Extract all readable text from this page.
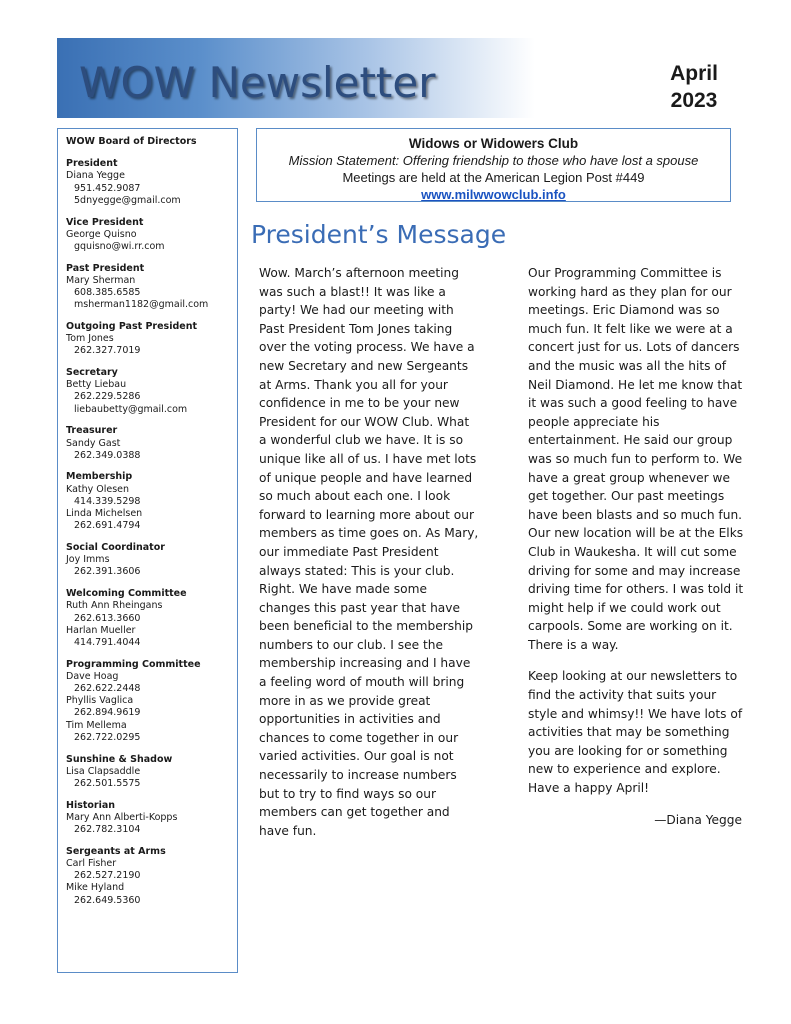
WOW Newsletter	April
2023
WOW Board of Directors
President
Diana Yegge
951.452.9087
5dnyegge@gmail.com
Vice President
George Quisno
gquisno@wi.rr.com
Past President
Mary Sherman
608.385.6585
msherman1182@gmail.com
Outgoing Past President
Tom Jones
262.327.7019
Secretary
Betty Liebau
262.229.5286
liebaubetty@gmail.com
Treasurer
Sandy Gast
262.349.0388
Membership
Kathy Olesen
414.339.5298
Linda Michelsen
262.691.4794
Social Coordinator
Joy Imms
262.391.3606
Welcoming Committee
Ruth Ann Rheingans
262.613.3660
Harlan Mueller
414.791.4044
Programming Committee
Dave Hoag
262.622.2448
Phyllis Vaglica
262.894.9619
Tim Mellema
262.722.0295
Sunshine & Shadow
Lisa Clapsaddle
262.501.5575
Historian
Mary Ann Alberti-Kopps
262.782.3104
Sergeants at Arms
Carl Fisher
262.527.2190
Mike Hyland
262.649.5360
Widows or Widowers Club
Mission Statement: Offering friendship to those who have lost a spouse
Meetings are held at the American Legion Post #449
www.milwwowclub.info
President’s Message

Wow. March’s afternoon meeting was such a blast!! It was like a party! We had our meeting with Past President Tom Jones taking over the voting process. We have a new Secretary and new Sergeants at Arms. Thank you all for your confidence in me to be your new President for our WOW Club. What a wonderful club we have. It is so unique like all of us. I have met lots of unique people and have learned so much about each one. I look forward to learning more about our members as time goes on. As Mary, our immediate Past President always stated: This is your club. Right. We have made some changes this past year that have been beneficial to the membership numbers to our club. I see the membership increasing and I have a feeling word of mouth will bring more in as we provide great opportunities in activities and chances to come together in our varied activities. Our goal is not necessarily to increase numbers but to try to find ways so our members can get together and have fun.

Our Programming Committee is working hard as they plan for our meetings. Eric Diamond was so much fun. It felt like we were at a concert just for us. Lots of dancers and the music was all the hits of Neil Diamond. He let me know that it was such a good feeling to have people appreciate his entertainment. He said our group was so much fun to perform to. We have a great group whenever we get together. Our past meetings have been blasts and so much fun. Our new location will be at the Elks Club in Waukesha. It will cut some driving for some and may increase driving time for others. I was told it might help if we could work out carpools. Some are working on it. There is a way.

Keep looking at our newsletters to find the activity that suits your style and whimsy!! We have lots of activities that may be something you are looking for or something new to experience and explore. Have a happy April!

—Diana Yegge
